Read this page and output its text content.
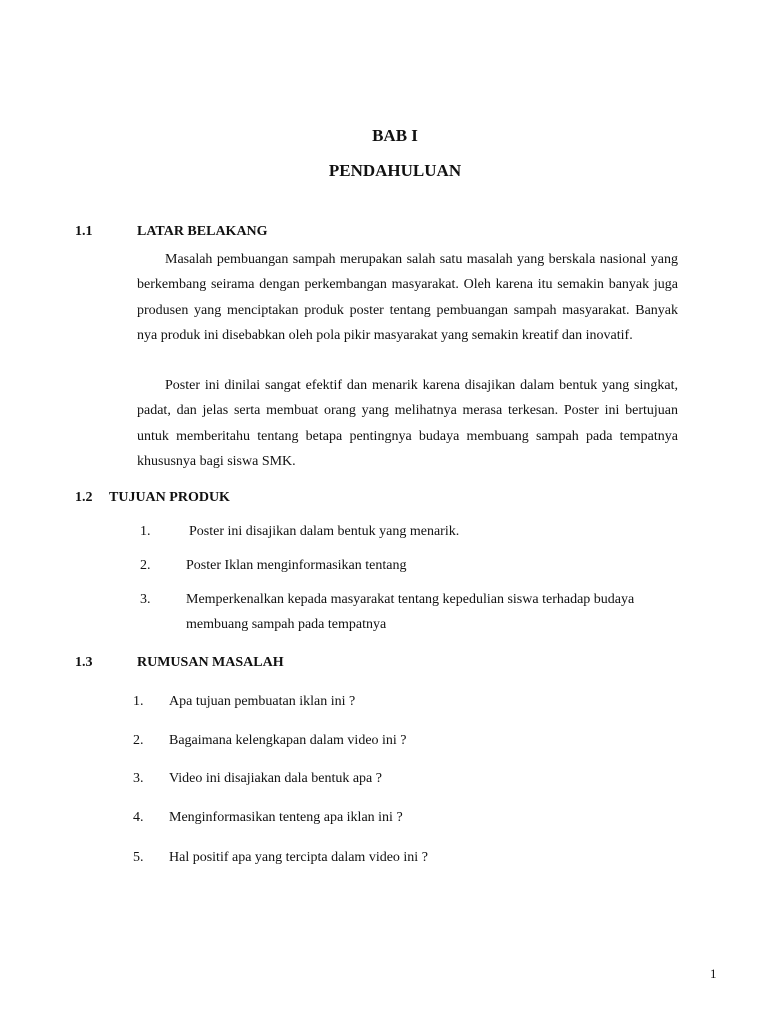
BAB I
PENDAHULUAN
1.1	LATAR BELAKANG

Masalah pembuangan sampah merupakan salah satu masalah yang berskala nasional yang berkembang seirama dengan perkembangan masyarakat. Oleh karena itu semakin banyak juga produsen yang menciptakan produk poster tentang pembuangan sampah masyarakat. Banyak nya produk ini disebabkan oleh pola pikir masyarakat yang semakin kreatif dan inovatif.

Poster ini dinilai sangat efektif dan menarik karena disajikan dalam bentuk yang singkat, padat, dan jelas serta membuat orang yang melihatnya merasa terkesan. Poster ini bertujuan untuk memberitahu tentang betapa pentingnya budaya membuang sampah pada tempatnya khususnya bagi siswa SMK.

1.2 TUJUAN PRODUK
1.	Poster ini disajikan dalam bentuk yang menarik.
2.	Poster Iklan menginformasikan tentang
3.	Memperkenalkan kepada masyarakat tentang kepedulian siswa terhadap budaya
membuang sampah pada tempatnya
1.3	RUMUSAN MASALAH
1. Apa tujuan pembuatan iklan ini ?
2. Bagaimana kelengkapan dalam video ini ?
3. Video ini disajiakan dala bentuk apa ?
4. Menginformasikan tenteng apa iklan ini ?
5. Hal positif apa yang tercipta dalam video ini ?
1
